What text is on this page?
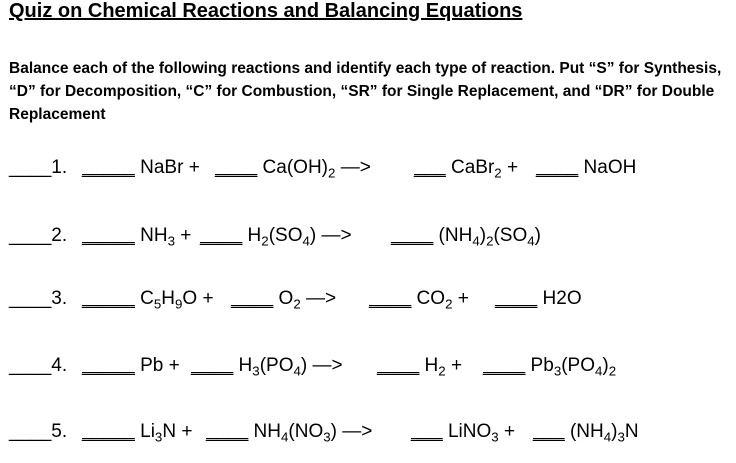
Quiz on Chemical Reactions and Balancing Equations
Balance each of the following reactions and identify each type of reaction. Put “S” for Synthesis, “D” for Decomposition, “C” for Combustion, “SR” for Single Replacement, and “DR” for Double Replacement
____1. _____ NaBr + ____ $Ca(OH)_2$ —> ___ CaBr$_2$ + ____ NaOH
____2. _____ $NH_3$ + ____ $H_2(SO_4)$ —> ____ $(NH_4)_2(SO_4)$
____3. _____ $C_5H_9O$ + ____ $O_2$ —> ____ $CO_2$ + ____ H2O
____4. _____ Pb + ____ $H_3(PO_4)$ —> ____ $H_2$ + ____ $Pb_3(PO_4)_2$
____5. _____ $Li_3N$ + ____ $NH_4(NO_3)$ —> ___ LiNO$_3$ + ___ $(NH_4)_3N$
